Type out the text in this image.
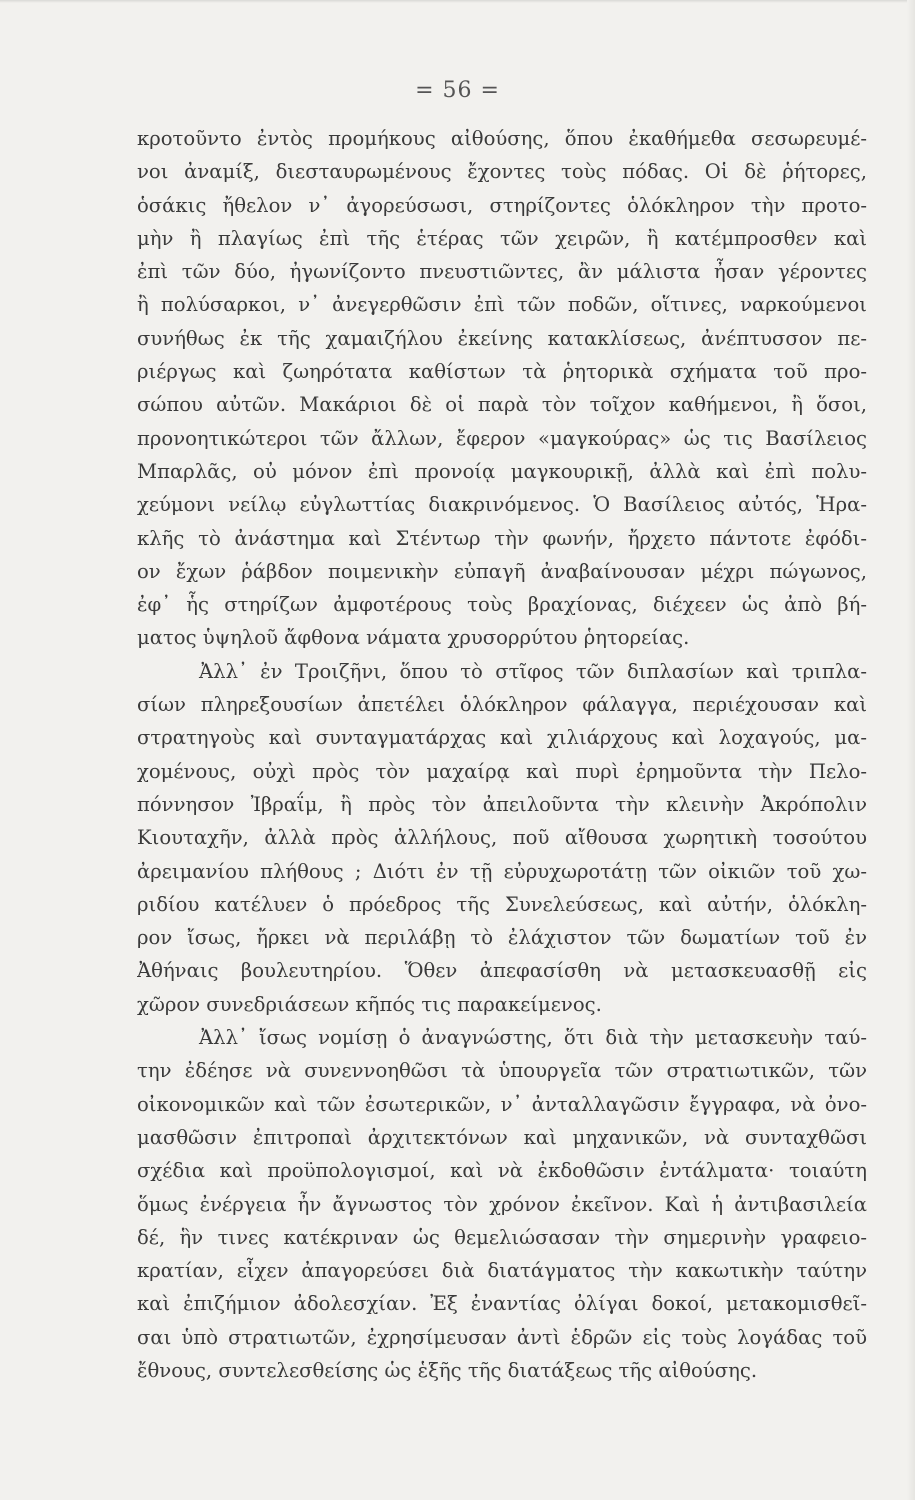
= 56 =
κροτοῦντο ἐντὸς προμήκους αἰθούσης, ὅπου ἐκαθήμεθα σεσωρευμέ-
νοι ἀναμίξ, διεσταυρωμένους ἔχοντες τοὺς πόδας. Οἱ δὲ ῥήτορες,
ὁσάκις ἤθελον ν᾿ ἀγορεύσωσι, στηρίζοντες ὁλόκληρον τὴν προτο-
μὴν ἢ πλαγίως ἐπὶ τῆς ἑτέρας τῶν χειρῶν, ἢ κατέμπροσθεν καὶ
ἐπὶ τῶν δύο, ἠγωνίζοντο πνευστιῶντες, ἂν μάλιστα ἦσαν γέροντες
ἢ πολύσαρκοι, ν᾿ ἀνεγερθῶσιν ἐπὶ τῶν ποδῶν, οἵτινες, ναρκούμενοι
συνήθως ἐκ τῆς χαμαιζήλου ἐκείνης κατακλίσεως, ἀνέπτυσσον πε-
ριέργως καὶ ζωηρότατα καθίστων τὰ ῥητορικὰ σχήματα τοῦ προ-
σώπου αὐτῶν. Μακάριοι δὲ οἱ παρὰ τὸν τοῖχον καθήμενοι, ἢ ὅσοι,
προνοητικώτεροι τῶν ἄλλων, ἔφερον «μαγκούρας» ὡς τις Βασίλειος
Μπαρλᾶς, οὐ μόνον ἐπὶ προνοίᾳ μαγκουρικῇ, ἀλλὰ καὶ ἐπὶ πολυ-
χεύμονι νείλῳ εὐγλωττίας διακρινόμενος. Ὁ Βασίλειος αὐτός, Ἡρα-
κλῆς τὸ ἀνάστημα καὶ Στέντωρ τὴν φωνήν, ἤρχετο πάντοτε ἐφόδι-
ον ἔχων ῥάβδον ποιμενικὴν εὐπαγῆ ἀναβαίνουσαν μέχρι πώγωνος,
ἐφ᾿ ἧς στηρίζων ἀμφοτέρους τοὺς βραχίονας, διέχεεν ὡς ἀπὸ βή-
ματος ὑψηλοῦ ἄφθονα νάματα χρυσορρύτου ῥητορείας.
Ἀλλ᾿ ἐν Τροιζῆνι, ὅπου τὸ στῖφος τῶν διπλασίων καὶ τριπλα-
σίων πληρεξουσίων ἀπετέλει ὁλόκληρον φάλαγγα, περιέχουσαν καὶ
στρατηγοὺς καὶ συνταγματάρχας καὶ χιλιάρχους καὶ λοχαγούς, μα-
χομένους, οὐχὶ πρὸς τὸν μαχαίρᾳ καὶ πυρὶ ἐρημοῦντα τὴν Πελο-
πόννησον Ἰβραΐμ, ἢ πρὸς τὸν ἀπειλοῦντα τὴν κλεινὴν Ἀκρόπολιν
Κιουταχῆν, ἀλλὰ πρὸς ἀλλήλους, ποῦ αἴθουσα χωρητικὴ τοσούτου
ἀρειμανίου πλήθους ; Διότι ἐν τῇ εὐρυχωροτάτῃ τῶν οἰκιῶν τοῦ χω-
ριδίου κατέλυεν ὁ πρόεδρος τῆς Συνελεύσεως, καὶ αὐτήν, ὁλόκλη-
ρον ἴσως, ἤρκει νὰ περιλάβῃ τὸ ἐλάχιστον τῶν δωματίων τοῦ ἐν
Ἀθήναις βουλευτηρίου. Ὅθεν ἀπεφασίσθη νὰ μετασκευασθῇ εἰς
χῶρον συνεδριάσεων κῆπός τις παρακείμενος.
Ἀλλ᾿ ἴσως νομίσῃ ὁ ἀναγνώστης, ὅτι διὰ τὴν μετασκευὴν ταύ-
την ἐδέησε νὰ συνεννοηθῶσι τὰ ὑπουργεῖα τῶν στρατιωτικῶν, τῶν
οἰκονομικῶν καὶ τῶν ἐσωτερικῶν, ν᾿ ἀνταλλαγῶσιν ἔγγραφα, νὰ ὀνο-
μασθῶσιν ἐπιτροπαὶ ἀρχιτεκτόνων καὶ μηχανικῶν, νὰ συνταχθῶσι
σχέδια καὶ προϋπολογισμοί, καὶ νὰ ἐκδοθῶσιν ἐντάλματα· τοιαύτη
ὅμως ἐνέργεια ἦν ἄγνωστος τὸν χρόνον ἐκεῖνον. Καὶ ἡ ἀντιβασιλεία
δέ, ἣν τινες κατέκριναν ὡς θεμελιώσασαν τὴν σημερινὴν γραφειο-
κρατίαν, εἶχεν ἀπαγορεύσει διὰ διατάγματος τὴν κακωτικὴν ταύτην
καὶ ἐπιζήμιον ἀδολεσχίαν. Ἐξ ἐναντίας ὀλίγαι δοκοί, μετακομισθεῖ-
σαι ὑπὸ στρατιωτῶν, ἐχρησίμευσαν ἀντὶ ἑδρῶν εἰς τοὺς λογάδας τοῦ
ἔθνους, συντελεσθείσης ὡς ἑξῆς τῆς διατάξεως τῆς αἰθούσης.
